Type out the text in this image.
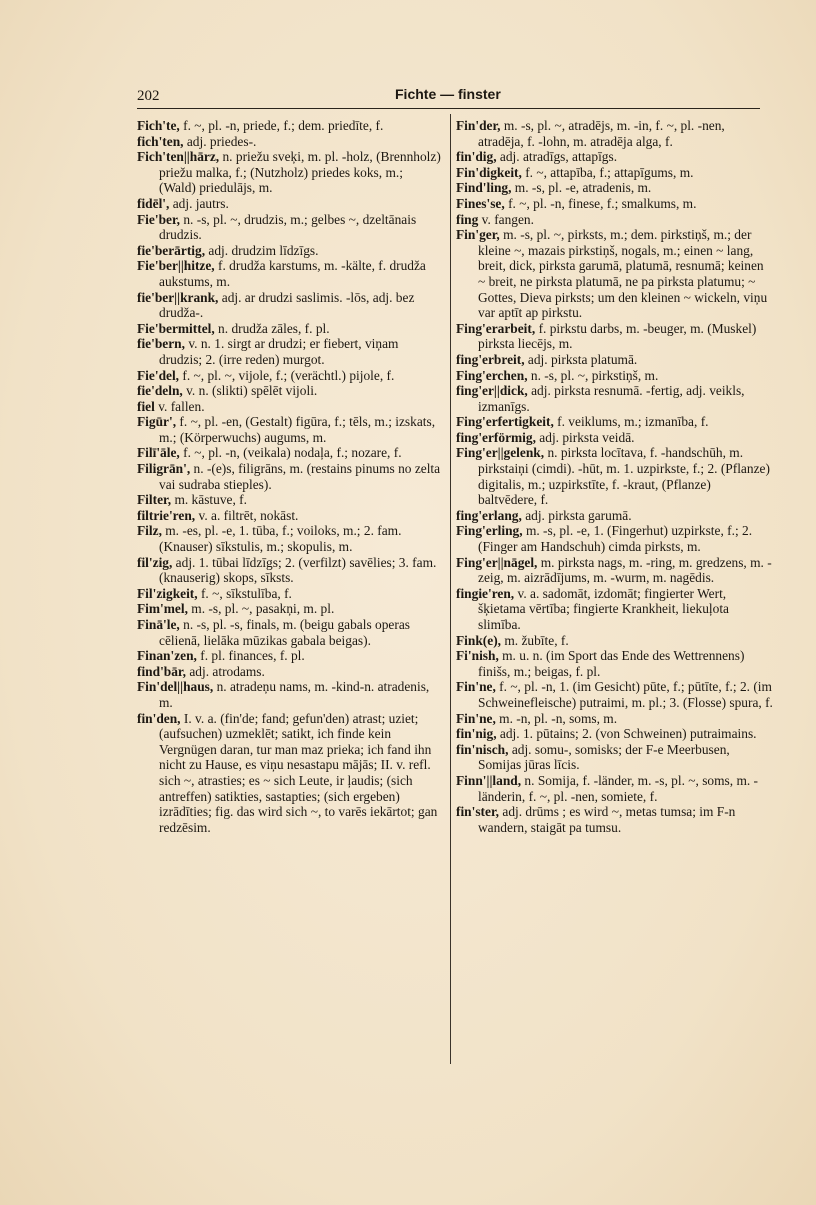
202	Fichte — finster

Fich'te, f. ~, pl. -n, priede, f.; dem. priedīte, f.

fich'ten, adj. priedes-.

Fich'ten||hārz, n. priežu sveķi, m. pl. -holz, (Brennholz) priežu malka, f.; (Nutzholz) priedes koks, m.; (Wald) priedulājs, m.

fidēl', adj. jautrs.

Fie'ber, n. -s, pl. ~, drudzis, m.; gelbes ~, dzeltānais drudzis.

fie'berārtig, adj. drudzim līdzīgs.

Fie'ber||hitze, f. drudža karstums, m. -kälte, f. drudža aukstums, m.

fie'ber||krank, adj. ar drudzi saslimis. -lōs, adj. bez drudža-.

Fie'bermittel, n. drudža zāles, f. pl.

fie'bern, v. n. 1. sirgt ar drudzi; er fiebert, viņam drudzis; 2. (irre reden) murgot.

Fie'del, f. ~, pl. ~, vijole, f.; (verächtl.) pijole, f.

fie'deln, v. n. (slikti) spēlēt vijoli.

fiel v. fallen.

Figūr', f. ~, pl. -en, (Gestalt) figūra, f.; tēls, m.; izskats, m.; (Körperwuchs) augums, m.

Filī'āle, f. ~, pl. -n, (veikala) nodaļa, f.; nozare, f.

Filigrān', n. -(e)s, filigrāns, m. (restains pinums no zelta vai sudraba stieples).

Filter, m. kāstuve, f.

filtrie'ren, v. a. filtrēt, nokāst.

Filz, m. -es, pl. -e, 1. tūba, f.; voiloks, m.; 2. fam. (Knauser) sīkstulis, m.; skopulis, m.

fil'zig, adj. 1. tūbai līdzīgs; 2. (verfilzt) savēlies; 3. fam. (knauserig) skops, sīksts.

Fil'zigkeit, f. ~, sīkstulība, f.

Fim'mel, m. -s, pl. ~, pasakņi, m. pl.

Finā'le, n. -s, pl. -s, finals, m. (beigu gabals operas cēlienā, lielāka mūzikas gabala beigas).

Finan'zen, f. pl. finances, f. pl.

find'bār, adj. atrodams.

Fin'del||haus, n. atradeņu nams, m. -kind-n. atradenis, m.

fin'den, I. v. a. (fin'de; fand; gefun'den) atrast; uziet; (aufsuchen) uzmeklēt; satikt, ich finde kein Vergnügen daran, tur man maz prieka; ich fand ihn nicht zu Hause, es viņu nesastapu mājās; II. v. refl. sich ~, atrasties; es ~ sich Leute, ir ļaudis; (sich antreffen) satikties, sastapties; (sich ergeben) izrādīties; fig. das wird sich ~, to varēs iekārtot; gan redzēsim.

Fin'der, m. -s, pl. ~, atradējs, m. -in, f. ~, pl. -nen, atradēja, f. -lohn, m. atradēja alga, f.

fin'dig, adj. atradīgs, attapīgs.

Fin'digkeit, f. ~, attapība, f.; attapīgums, m.

Find'ling, m. -s, pl. -e, atradenis, m.

Fines'se, f. ~, pl. -n, finese, f.; smalkums, m.

fing v. fangen.

Fin'ger, m. -s, pl. ~, pirksts, m.; dem. pirkstiņš, m.; der kleine ~, mazais pirkstiņš, nogals, m.; einen ~ lang, breit, dick, pirksta garumā, platumā, resnumā; keinen ~ breit, ne pirksta platumā, ne pa pirksta platumu; ~ Gottes, Dieva pirksts; um den kleinen ~ wickeln, viņu var aptīt ap pirkstu.

Fing'erarbeit, f. pirkstu darbs, m. -beuger, m. (Muskel) pirksta liecējs, m.

fing'erbreit, adj. pirksta platumā.

Fing'erchen, n. -s, pl. ~, pirkstiņš, m.

fing'er||dick, adj. pirksta resnumā. -fertig, adj. veikls, izmanīgs.

Fing'erfertigkeit, f. veiklums, m.; izmanība, f.

fing'erförmig, adj. pirksta veidā.

Fing'er||gelenk, n. pirksta locītava, f. -handschūh, m. pirkstaiņi (cimdi). -hūt, m. 1. uzpirkste, f.; 2. (Pflanze) digitalis, m.; uzpirkstīte, f. -kraut, (Pflanze) baltvēdere, f.

fing'erlang, adj. pirksta garumā.

Fing'erling, m. -s, pl. -e, 1. (Fingerhut) uzpirkste, f.; 2. (Finger am Handschuh) cimda pirksts, m.

Fing'er||nāgel, m. pirksta nags, m. -ring, m. gredzens, m. -zeig, m. aizrādījums, m. -wurm, m. nagēdis.

fingie'ren, v. a. sadomāt, izdomāt; fingierter Wert, šķietama vērtība; fingierte Krankheit, liekuļota slimība.

Fink(e), m. žubīte, f.

Fi'nish, m. u. n. (im Sport das Ende des Wettrennens) finišs, m.; beigas, f. pl.

Fin'ne, f. ~, pl. -n, 1. (im Gesicht) pūte, f.; pūtīte, f.; 2. (im Schweinefleische) putraimi, m. pl.; 3. (Flosse) spura, f.

Fin'ne, m. -n, pl. -n, soms, m.

fin'nig, adj. 1. pūtains; 2. (von Schweinen) putraimains.

fin'nisch, adj. somu-, somisks; der F-e Meerbusen, Somijas jūras līcis.

Finn'||land, n. Somija, f. -länder, m. -s, pl. ~, soms, m. -länderin, f. ~, pl. -nen, somiete, f.

fin'ster, adj. drūms ; es wird ~, metas tumsa; im F-n wandern, staigāt pa tumsu.
